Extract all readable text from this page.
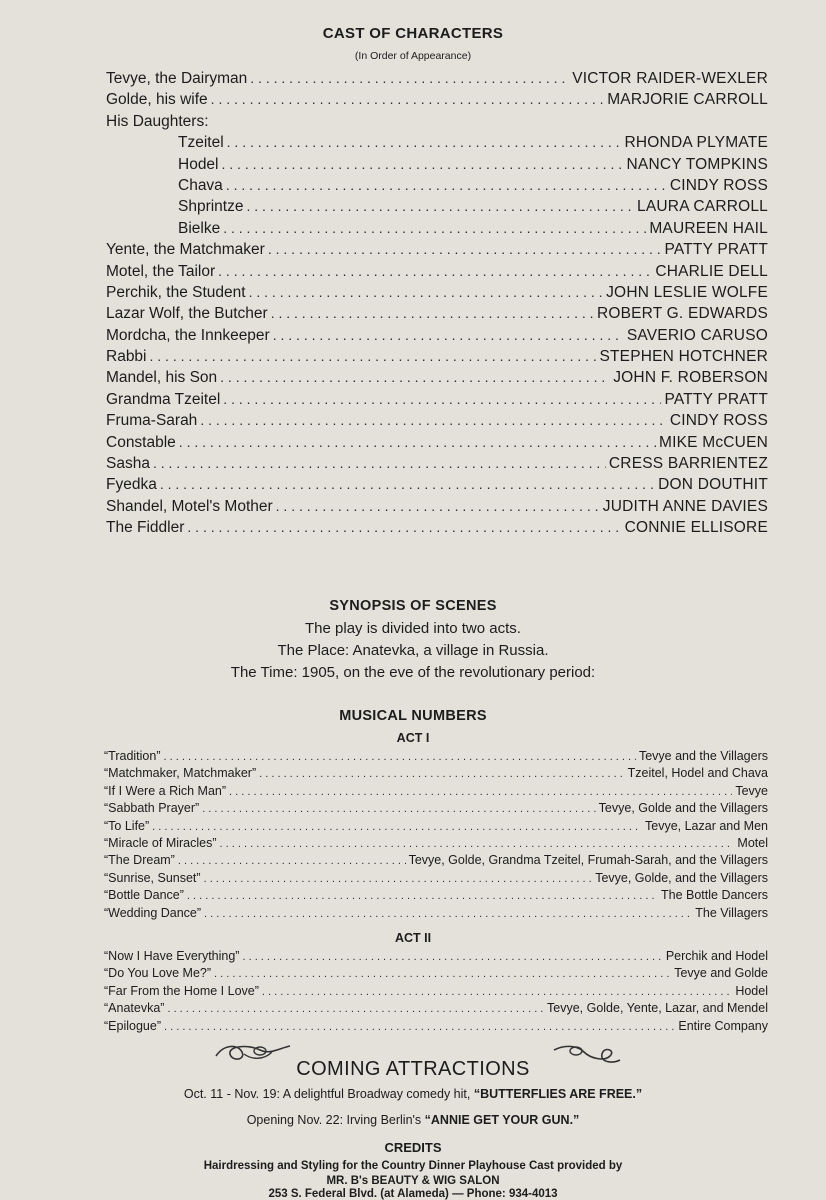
CAST OF CHARACTERS
(In Order of Appearance)
Tevye, the Dairyman . . .	VICTOR RAIDER-WEXLER
Golde, his wife . . .	MARJORIE CARROLL
His Daughters:
Tzeitel . . .	RHONDA PLYMATE
Hodel . . .	NANCY TOMPKINS
Chava . . .	CINDY ROSS
Shprintze . . .	LAURA CARROLL
Bielke . . .	MAUREEN HAIL
Yente, the Matchmaker . . .	PATTY PRATT
Motel, the Tailor . . .	CHARLIE DELL
Perchik, the Student . . .	JOHN LESLIE WOLFE
Lazar Wolf, the Butcher . . .	ROBERT G. EDWARDS
Mordcha, the Innkeeper . . .	SAVERIO CARUSO
Rabbi . . .	STEPHEN HOTCHNER
Mandel, his Son . . .	JOHN F. ROBERSON
Grandma Tzeitel . . .	PATTY PRATT
Fruma-Sarah . . .	CINDY ROSS
Constable . . .	MIKE McCUEN
Sasha . . .	CRESS BARRIENTEZ
Fyedka . . .	DON DOUTHIT
Shandel, Motel's Mother . . .	JUDITH ANNE DAVIES
The Fiddler . . .	CONNIE ELLISORE

SYNOPSIS OF SCENES

The play is divided into two acts.

The Place: Anatevka, a village in Russia.

The Time: 1905, on the eve of the revolutionary period:

MUSICAL NUMBERS
ACT I
“Tradition” . . .	Tevye and the Villagers
“Matchmaker, Matchmaker” . . .	Tzeitel, Hodel and Chava
“If I Were a Rich Man” . . .	Tevye
“Sabbath Prayer” . . .	Tevye, Golde and the Villagers
“To Life” . . .	Tevye, Lazar and Men
“Miracle of Miracles” . . .	Motel
“The Dream” . . .	Tevye, Golde, Grandma Tzeitel, Frumah-Sarah, and the Villagers
“Sunrise, Sunset” . . .	Tevye, Golde, and the Villagers
“Bottle Dance” . . .	The Bottle Dancers
“Wedding Dance” . . .	The Villagers
ACT II
“Now I Have Everything” . . .	Perchik and Hodel
“Do You Love Me?” . . .	Tevye and Golde
“Far From the Home I Love” . . .	Hodel
“Anatevka” . . .	Tevye, Golde, Yente, Lazar, and Mendel
“Epilogue” . . .	Entire Company
COMING ATTRACTIONS
Oct. 11 - Nov. 19: A delightful Broadway comedy hit, “BUTTERFLIES ARE FREE.”
Opening Nov. 22: Irving Berlin's “ANNIE GET YOUR GUN.”
CREDITS
Hairdressing and Styling for the Country Dinner Playhouse Cast provided by
MR. B's BEAUTY & WIG SALON
253 S. Federal Blvd. (at Alameda) — Phone: 934-4013
